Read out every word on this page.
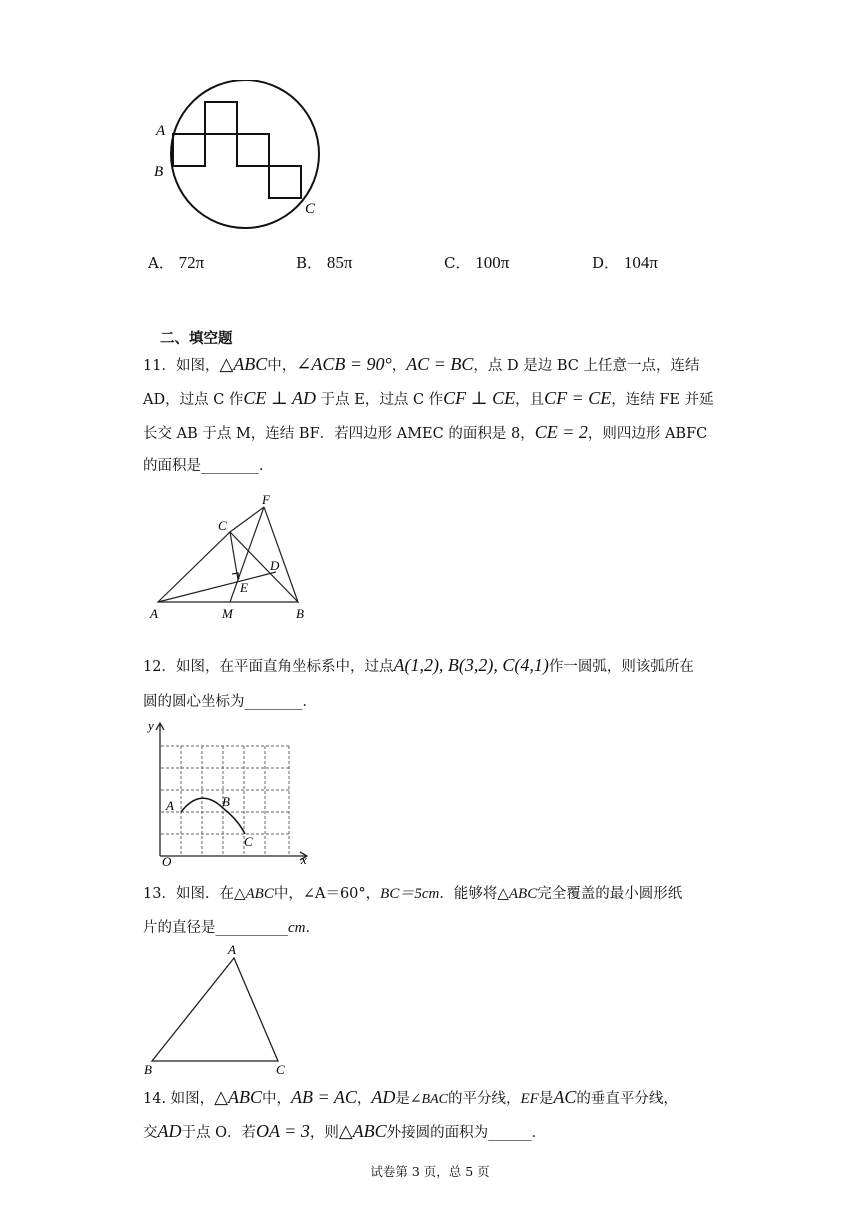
A
B
C
A． 72π	B． 85π	C． 100π	D． 104π
二、填空题
11．如图，△ABC中，∠ACB = 90°，AC = BC，点 D 是边 BC 上任意一点，连结
AD，过点 C 作CE ⊥ AD 于点 E，过点 C 作CF ⊥ CE，且CF = CE，连结 FE 并延
长交 AB 于点 M，连结 BF．若四边形 AMEC 的面积是 8，CE = 2，则四边形 ABFC
的面积是________．
A	M	B
C
F
D
E
12．如图，在平面直角坐标系中，过点A(1,2), B(3,2), C(4,1)作一圆弧，则该弧所在
圆的圆心坐标为________．
y
x
O
A	B
C
13．如图．在△ABC中，∠A＝60°，BC＝5cm．能够将△ABC完全覆盖的最小圆形纸
片的直径是__________cm．
A
B	C
14. 如图，△ABC中，AB = AC，AD是∠BAC的平分线，EF是AC的垂直平分线，
交AD于点 O．若OA = 3，则△ABC外接圆的面积为______．
试卷第 3 页，总 5 页
